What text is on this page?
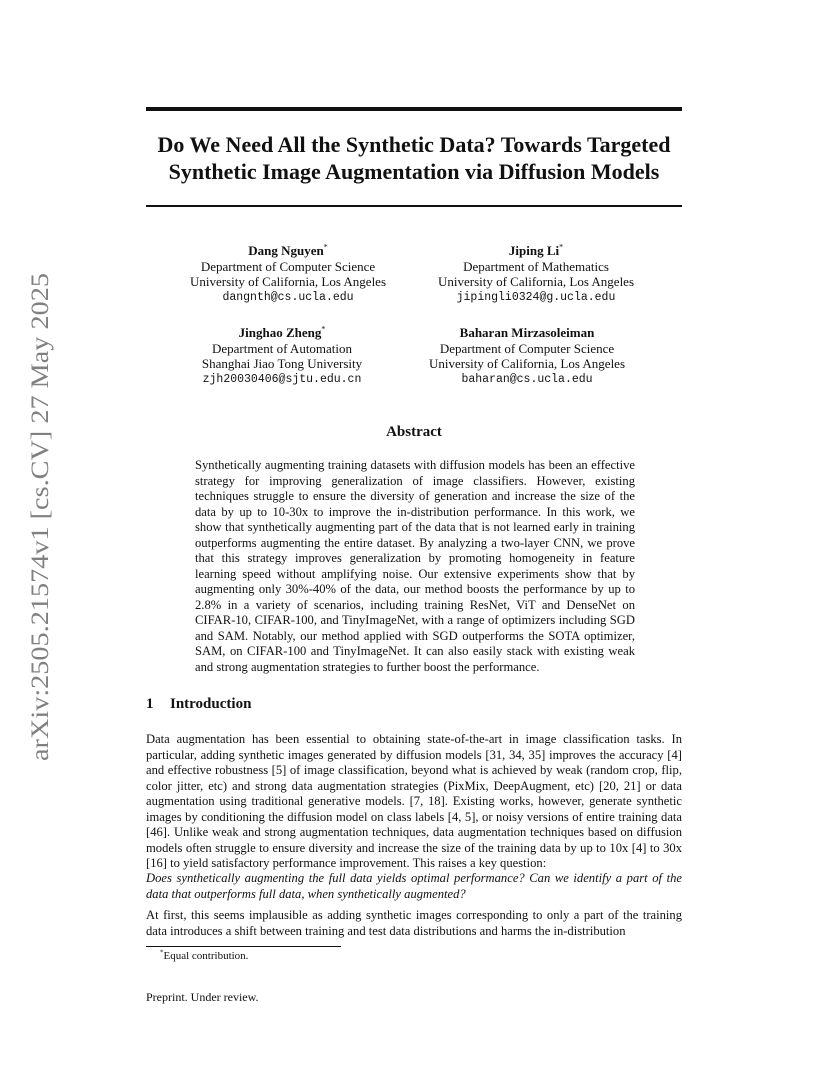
arXiv:2505.21574v1 [cs.CV] 27 May 2025
Do We Need All the Synthetic Data? Towards Targeted
Synthetic Image Augmentation via Diffusion Models
Dang Nguyen*
Department of Computer Science
University of California, Los Angeles
dangnth@cs.ucla.edu
Jiping Li*
Department of Mathematics
University of California, Los Angeles
jipingli0324@g.ucla.edu
Jinghao Zheng*
Department of Automation
Shanghai Jiao Tong University
zjh20030406@sjtu.edu.cn
Baharan Mirzasoleiman
Department of Computer Science
University of California, Los Angeles
baharan@cs.ucla.edu
Abstract
Synthetically augmenting training datasets with diffusion models has been an effective strategy for improving generalization of image classifiers. However, existing techniques struggle to ensure the diversity of generation and increase the size of the data by up to 10-30x to improve the in-distribution performance. In this work, we show that synthetically augmenting part of the data that is not learned early in training outperforms augmenting the entire dataset. By analyzing a two-layer CNN, we prove that this strategy improves generalization by promoting homogeneity in feature learning speed without amplifying noise. Our extensive experiments show that by augmenting only 30%-40% of the data, our method boosts the performance by up to 2.8% in a variety of scenarios, including training ResNet, ViT and DenseNet on CIFAR-10, CIFAR-100, and TinyImageNet, with a range of optimizers including SGD and SAM. Notably, our method applied with SGD outperforms the SOTA optimizer, SAM, on CIFAR-100 and TinyImageNet. It can also easily stack with existing weak and strong augmentation strategies to further boost the performance.
1 Introduction
Data augmentation has been essential to obtaining state-of-the-art in image classification tasks. In particular, adding synthetic images generated by diffusion models [31, 34, 35] improves the accuracy [4] and effective robustness [5] of image classification, beyond what is achieved by weak (random crop, flip, color jitter, etc) and strong data augmentation strategies (PixMix, DeepAugment, etc) [20, 21] or data augmentation using traditional generative models. [7, 18]. Existing works, however, generate synthetic images by conditioning the diffusion model on class labels [4, 5], or noisy versions of entire training data [46]. Unlike weak and strong augmentation techniques, data augmentation techniques based on diffusion models often struggle to ensure diversity and increase the size of the training data by up to 10x [4] to 30x [16] to yield satisfactory performance improvement. This raises a key question:
Does synthetically augmenting the full data yields optimal performance? Can we identify a part of the data that outperforms full data, when synthetically augmented?
At first, this seems implausible as adding synthetic images corresponding to only a part of the training data introduces a shift between training and test data distributions and harms the in-distribution
*Equal contribution.
Preprint. Under review.
